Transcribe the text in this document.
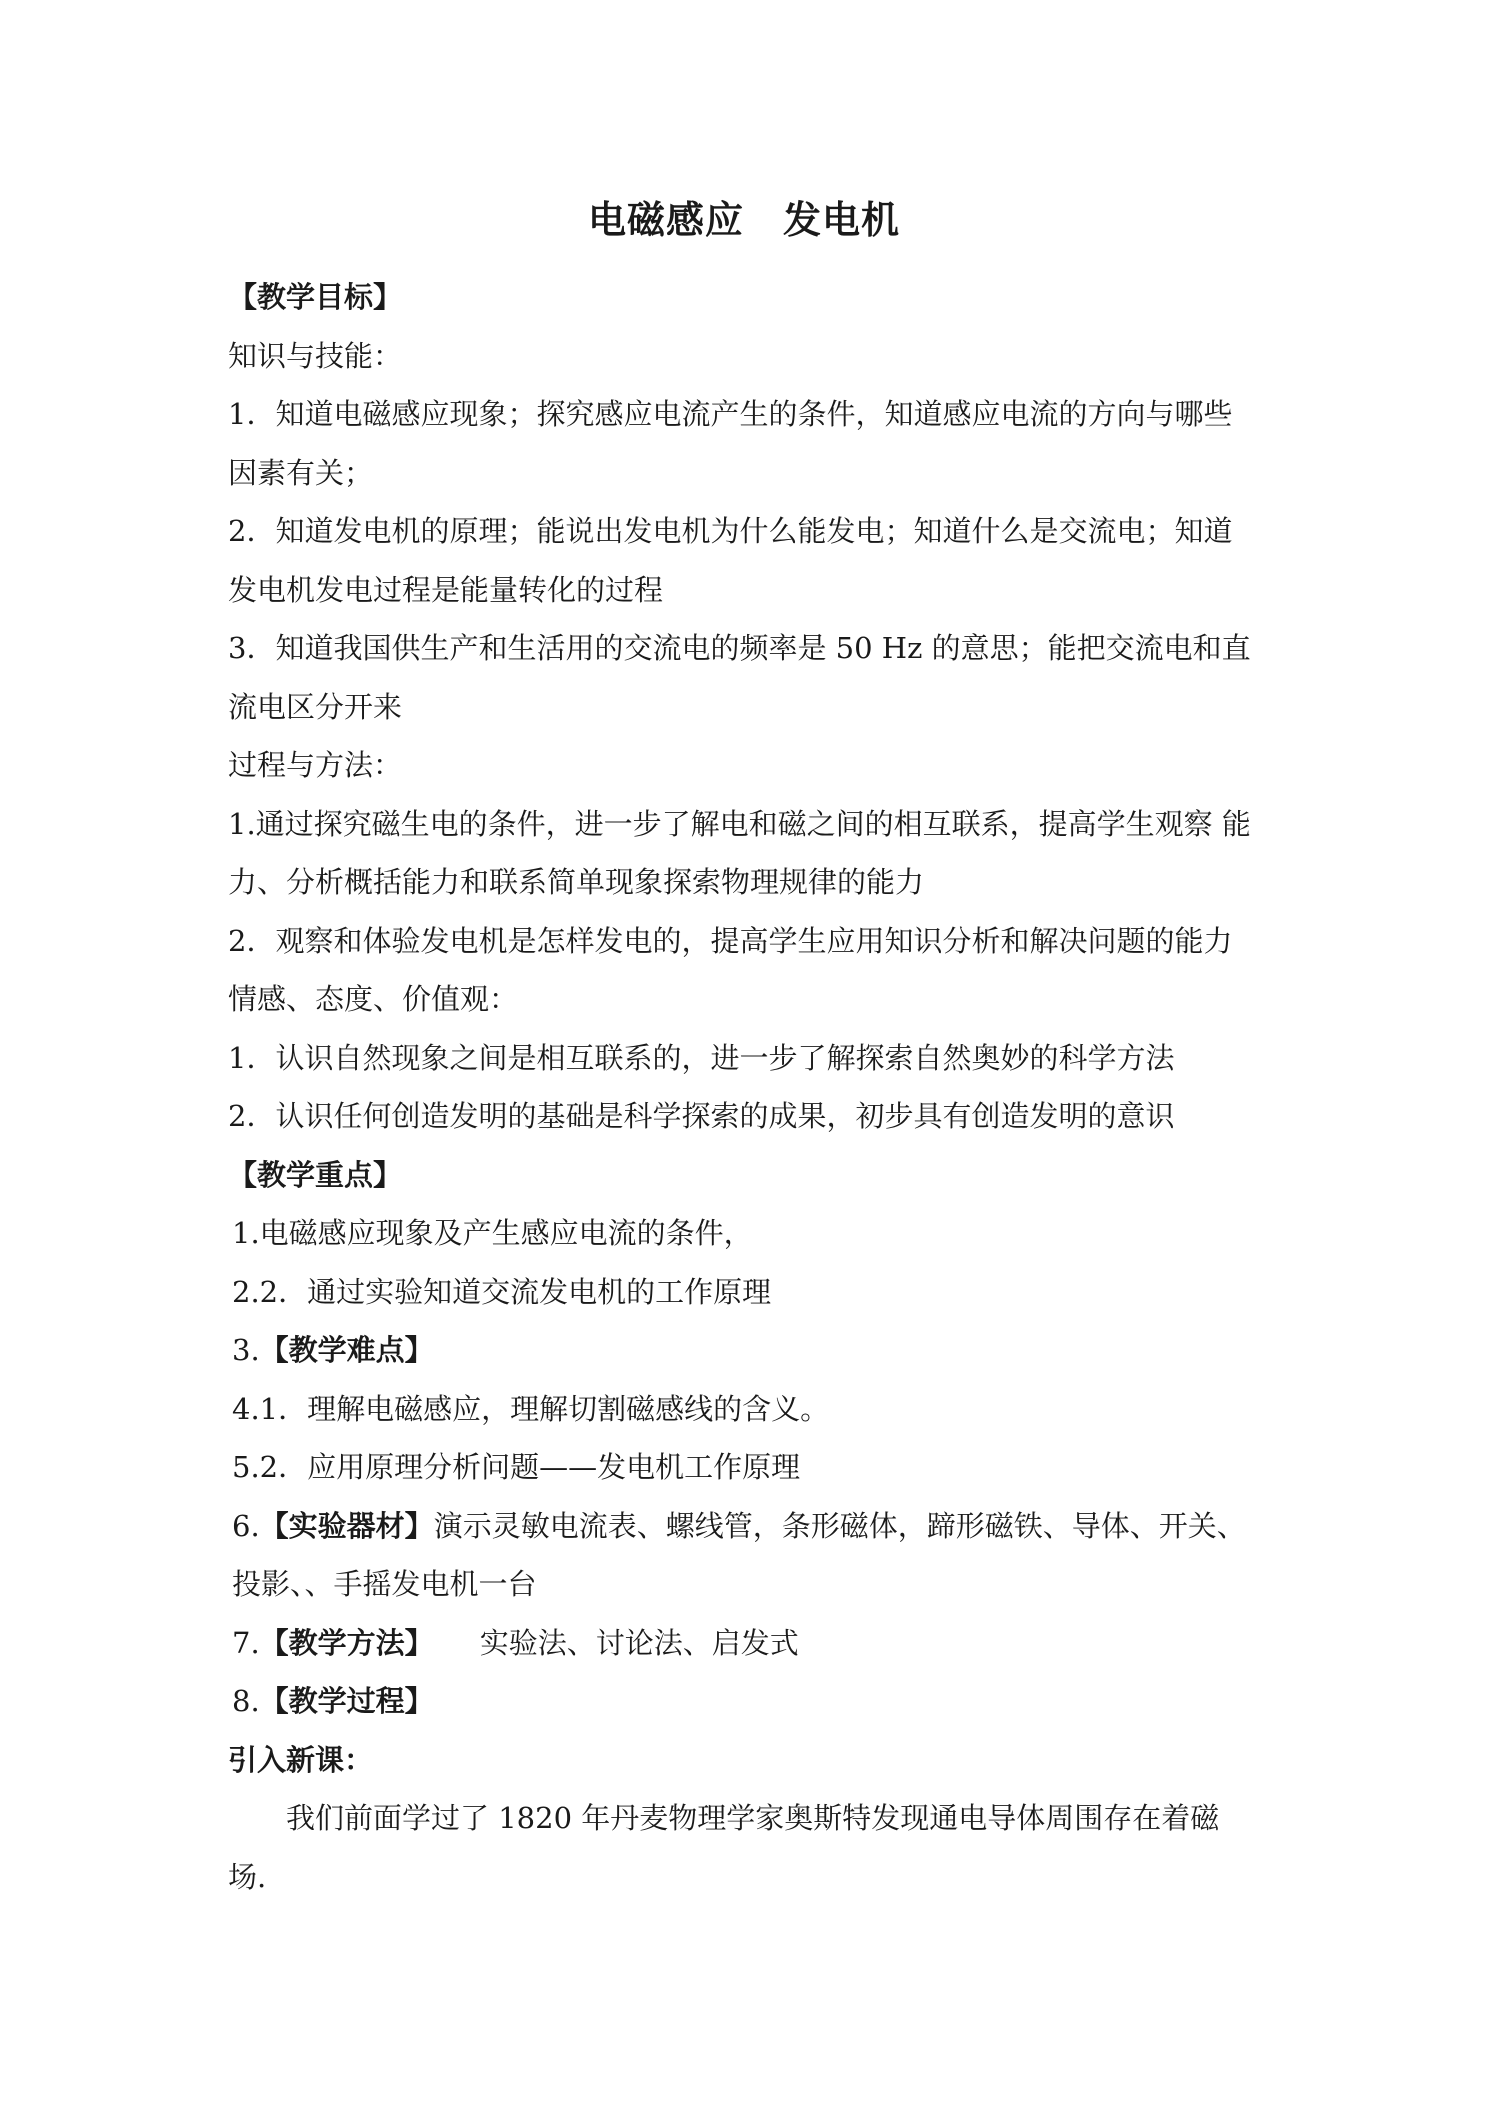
电磁感应　发电机
【教学目标】
知识与技能：
1．知道电磁感应现象；探究感应电流产生的条件，知道感应电流的方向与哪些
因素有关；
2．知道发电机的原理；能说出发电机为什么能发电；知道什么是交流电；知道
发电机发电过程是能量转化的过程
3．知道我国供生产和生活用的交流电的频率是 50 Hz 的意思；能把交流电和直
流电区分开来
过程与方法：
1.通过探究磁生电的条件，进一步了解电和磁之间的相互联系，提高学生观察 能
力、分析概括能力和联系简单现象探索物理规律的能力
2．观察和体验发电机是怎样发电的，提高学生应用知识分析和解决问题的能力
情感、态度、价值观：
1．认识自然现象之间是相互联系的，进一步了解探索自然奥妙的科学方法
2．认识任何创造发明的基础是科学探索的成果，初步具有创造发明的意识
【教学重点】
1.电磁感应现象及产生感应电流的条件，
2.2．通过实验知道交流发电机的工作原理
3.【教学难点】
4.1．理解电磁感应，理解切割磁感线的含义。
5.2．应用原理分析问题——发电机工作原理
6.【实验器材】演示灵敏电流表、螺线管，条形磁体，蹄形磁铁、导体、开关、
投影、、手摇发电机一台
7.【教学方法】 实验法、讨论法、启发式
8.【教学过程】
引入新课：
我们前面学过了 1820 年丹麦物理学家奥斯特发现通电导体周围存在着磁
场.
